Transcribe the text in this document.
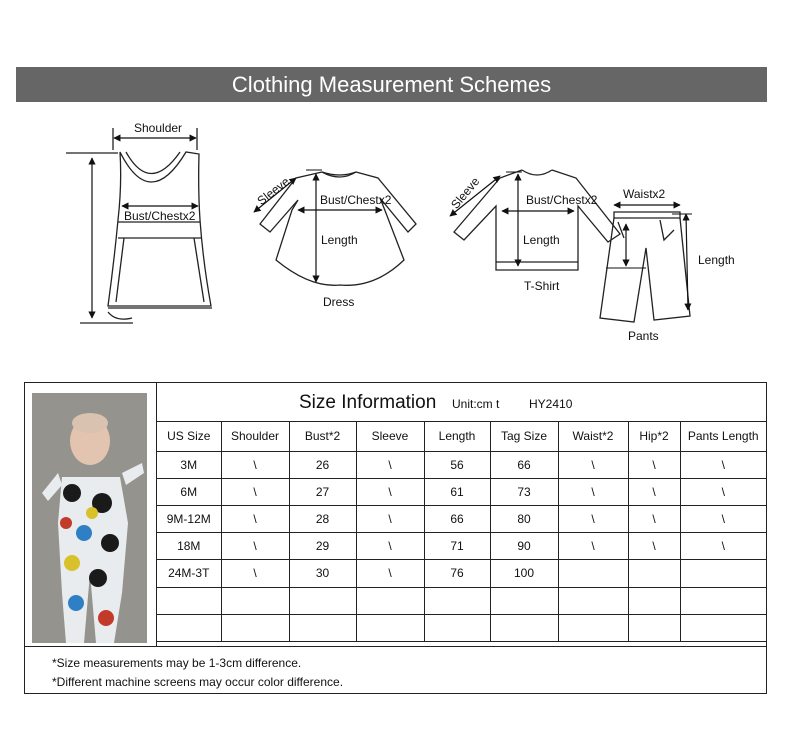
Clothing Measurement Schemes
Shoulder
Bust/Chestx2
Sleeve Bust/Chestx2
Length
Dress
Sleeve	Bust/Chestx2
Length
T-Shirt
Waistx2
Length
Pants
Size Information Unit:cm t HY2410
US Size	Shoulder	Bust*2	Sleeve	Length	Tag Size	Waist*2	Hip*2	Pants Length
3M	\	26	\	56	66	\	\	\
6M	\	27	\	61	73	\	\	\
9M-12M	\	28	\	66	80	\	\	\
18M	\	29	\	71	90	\	\	\
24M-3T	\	30	\	76	100			

*Size measurements may be 1-3cm difference.
*Different machine screens may occur color difference.
